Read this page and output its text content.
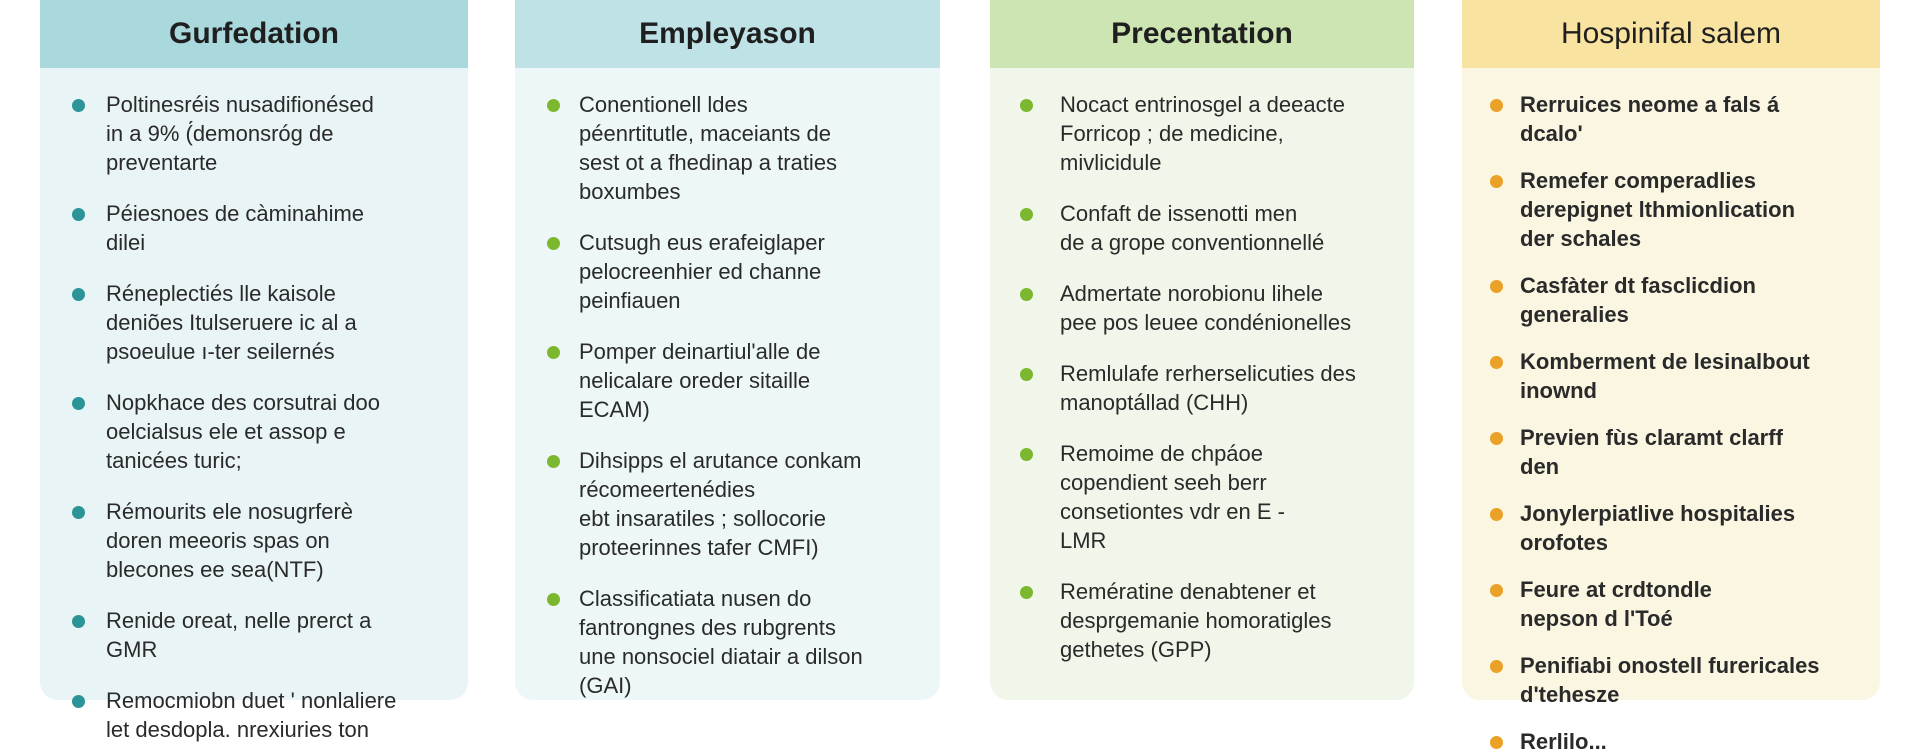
Gurfedation
Poltinesréis nusadifionésed
in a 9% (́demonsróg de
preventarte
Péiesnoes de càminahime
dilei
Réneplectiés lle kaisole
deniões Itulseruere ic al a
psoeulue ı-ter seilernés
Nopkhace des corsutrai doo
oelcialsus ele et assop e
tanicées turic;
Rémourits ele nosugrferè
doren meeoris spas on
blecones ee sea(NTF)
Renide oreat, nelle prerct a
GMR
Remocmiobn duet ' nonlaliere
let desdopla. nrexiuries ton
Empleyason
Conentionell ldes
péenrtitutle, maceiants de
sest ot a fhedinap a traties
boxumbes
Cutsugh eus erafeiglaper
pelocreenhier ed channe
peinfiauen
Pomper deinartiul'alle de
nelicalare oreder sitaille
ECAM)
Dihsipps el arutance conkam
récomeertenédies
ebt insaratiles ; sollocorie
proteerinnes tafer CMFI)
Classificatiata nusen do
fantrongnes des rubgrents
une nonsociel diatair a dilson
(GAI)
Precentation
Nocact entrinosgel a deeacte
Forricop ; de medicine,
mivlicidule
Confaft de issenotti men
de a grope conventionnellé
Admertate norobionu lihele
pee pos leuee condénionelles
Remlulafe rerherselicuties des
manoptállad (CHH)
Remoime de chpáoe
copendient seeh berr
consetiontes vdr en E -
LMR
Remératine denabtener et
desprgemanie homoratigles
gethetes (GPP)
Hospinifal salem
Rerruices neome a fals á
dcalo'
Remefer comperadlies
derepignet lthmionlication
der schales
Casfàter dt fasclicdion
generalies
Komberment de lesinalbout
inownd
Previen fùs claramt clarff
den
Jonylerpiatlive hospitalies
orofotes
Feure at crdtondle
nepson d l'Toé
Penifiabi onostell furericales
d'tehesze
Rerlilo...
